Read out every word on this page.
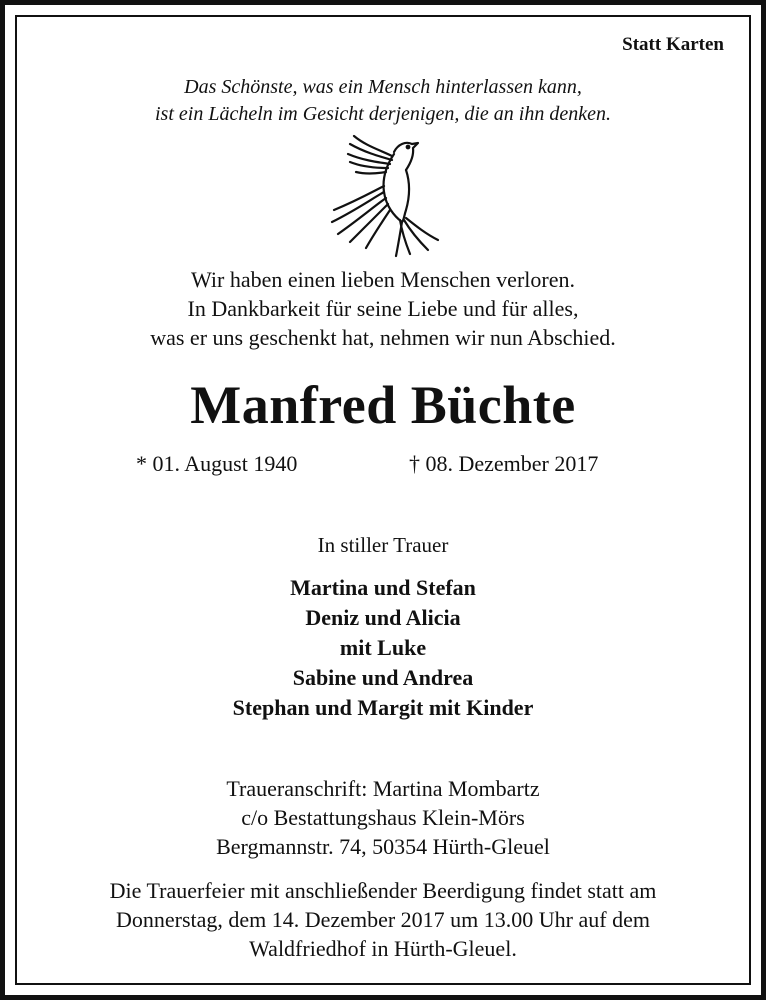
Statt Karten
Das Schönste, was ein Mensch hinterlassen kann,
ist ein Lächeln im Gesicht derjenigen, die an ihn denken.
Wir haben einen lieben Menschen verloren.
In Dankbarkeit für seine Liebe und für alles,
was er uns geschenkt hat, nehmen wir nun Abschied.
Manfred Büchte
* 01. August 1940	† 08. Dezember 2017
In stiller Trauer
Martina und Stefan
Deniz und Alicia
mit Luke
Sabine und Andrea
Stephan und Margit mit Kinder
Traueranschrift: Martina Mombartz
c/o Bestattungshaus Klein-Mörs
Bergmannstr. 74, 50354 Hürth-Gleuel
Die Trauerfeier mit anschließender Beerdigung findet statt am
Donnerstag, dem 14. Dezember 2017 um 13.00 Uhr auf dem
Waldfriedhof in Hürth-Gleuel.
